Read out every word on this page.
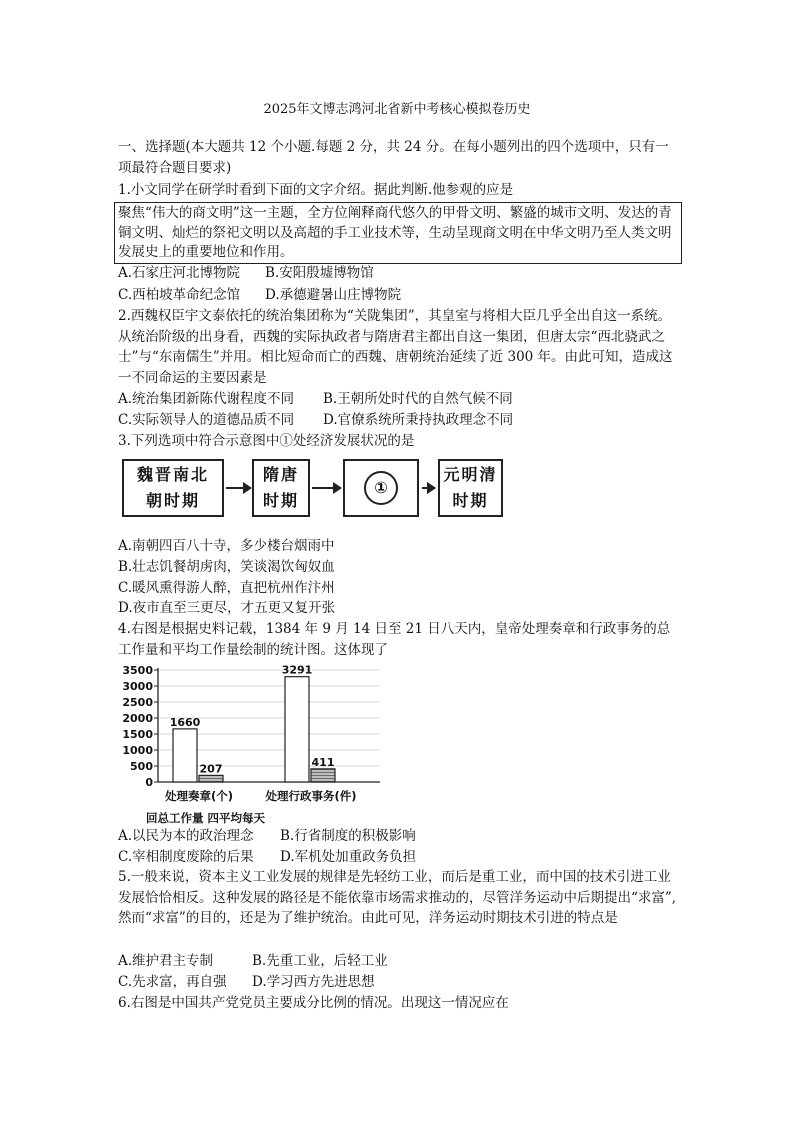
2025年文博志鸿河北省新中考核心模拟卷历史
一、选择题(本大题共 12 个小题.每题 2 分，共 24 分。在每小题列出的四个选项中，只有一
项最符合题目要求)
1.小文同学在研学时看到下面的文字介绍。据此判断.他参观的应是
聚焦“伟大的商文明”这一主题，全方位阐释商代悠久的甲骨文明、繁盛的城市文明、发达的青铜文明、灿烂的祭祀文明以及高超的手工业技术等，生动呈现商文明在中华文明乃至人类文明发展史上的重要地位和作用。
A.石家庄河北博物院 B.安阳殷墟博物馆
C.西柏坡革命纪念馆 D.承德避暑山庄博物院
2.西魏权臣宇文泰依托的统治集团称为“关陇集团”，其皇室与将相大臣几乎全出自这一系统。从统治阶级的出身看，西魏的实际执政者与隋唐君主都出自这一集团，但唐太宗“西北骁武之士”与“东南儒生”并用。相比短命而亡的西魏、唐朝统治延续了近 300 年。由此可知，造成这一不同命运的主要因素是
A.统治集团新陈代谢程度不同 B.王朝所处时代的自然气候不同
C.实际领导人的道德品质不同 D.官僚系统所秉持执政理念不同
3.下列选项中符合示意图中①处经济发展状况的是
魏晋南北
朝时期
隋唐
时期
①
元明清
时期
A.南朝四百八十寺，多少楼台烟雨中
B.壮志饥餐胡虏肉，笑谈渴饮匈奴血
C.暖风熏得游人醉，直把杭州作汴州
D.夜市直至三更尽，才五更又复开张
4.右图是根据史料记载，1384 年 9 月 14 日至 21 日八天内，皇帝处理奏章和行政事务的总工作量和平均工作量绘制的统计图。这体现了
0
500
1000
1500
2000
2500
3000
3500
1660
207
3291
411
处理奏章(个)	处理行政事务(件)
回总工作量 四平均每天
A.以民为本的政治理念 B.行省制度的积极影响
C.宰相制度废除的后果 D.军机处加重政务负担
5.一般来说，资本主义工业发展的规律是先轻纺工业，而后是重工业，而中国的技术引进工业发展恰恰相反。这种发展的路径是不能依靠市场需求推动的，尽管洋务运动中后期提出“求富”,然而“求富”的目的，还是为了维护统治。由此可见，洋务运动时期技术引进的特点是
A.维护君主专制	B.先重工业，后轻工业
C.先求富，再自强 D.学习西方先进思想
6.右图是中国共产党党员主要成分比例的情况。出现这一情况应在
